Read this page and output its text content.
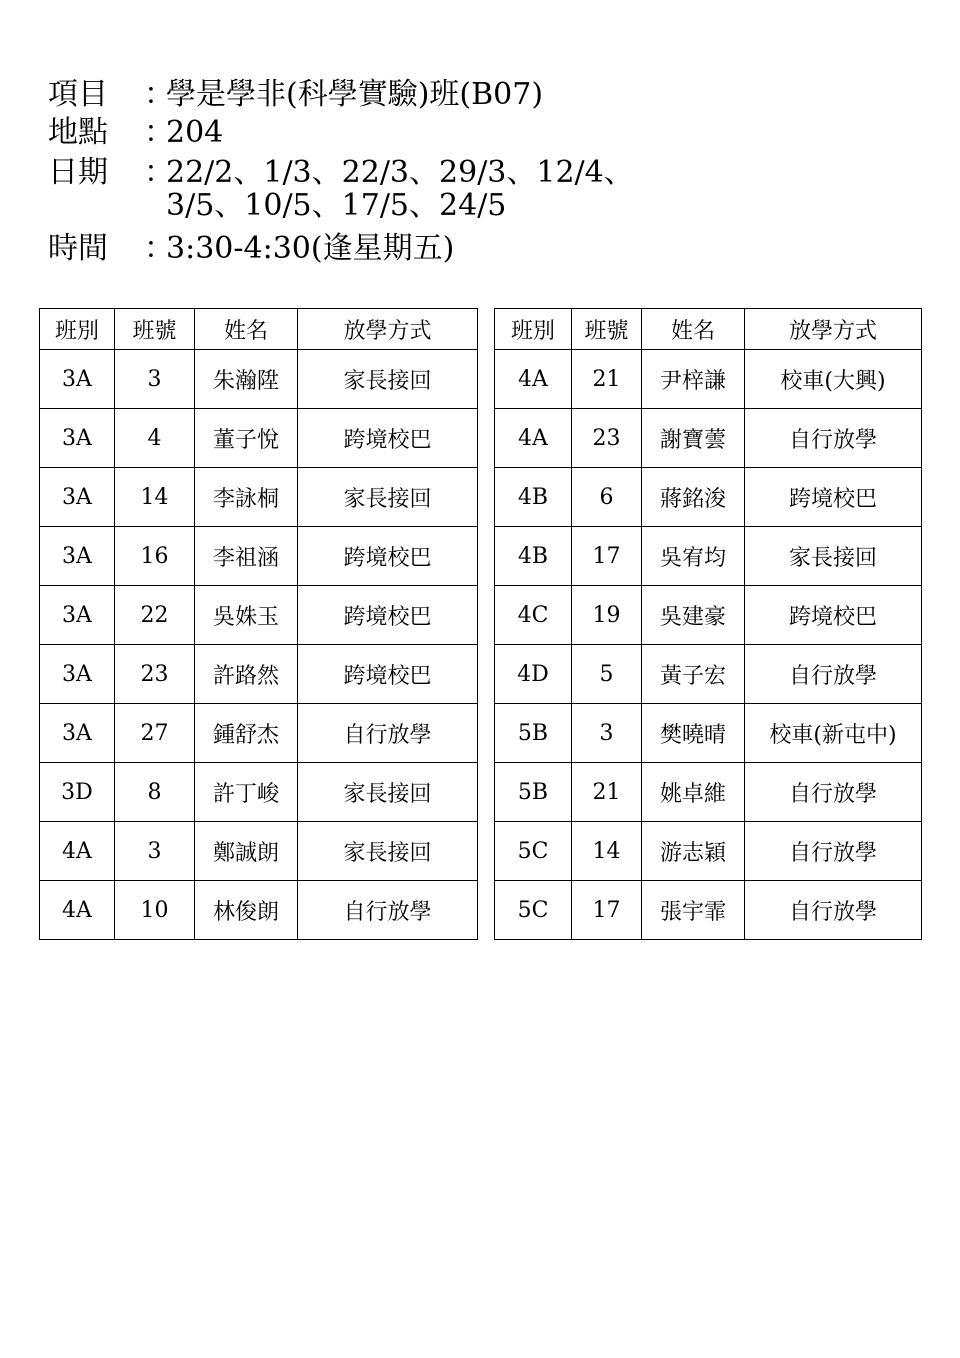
項目	：
學是學非(科學實驗)班(B07)
地點	：
204
日期	：
22/2、1/3、22/3、29/3、12/4、
3/5、10/5、17/5、24/5
時間	：
3:30-4:30(逢星期五)
班別	班號	姓名	放學方式
3A	3	朱瀚陞	家長接回
3A	4	董子悅	跨境校巴
3A	14	李詠桐	家長接回
3A	16	李祖涵	跨境校巴
3A	22	吳姝玉	跨境校巴
3A	23	許路然	跨境校巴
3A	27	鍾舒杰	自行放學
3D	8	許丁峻	家長接回
4A	3	鄭誠朗	家長接回
4A	10	林俊朗	自行放學
班別	班號	姓名	放學方式
4A	21	尹梓謙	校車(大興)
4A	23	謝寶蕓	自行放學
4B	6	蔣銘浚	跨境校巴
4B	17	吳宥均	家長接回
4C	19	吳建豪	跨境校巴
4D	5	黃子宏	自行放學
5B	3	樊曉晴	校車(新屯中)
5B	21	姚卓維	自行放學
5C	14	游志穎	自行放學
5C	17	張宇霏	自行放學
